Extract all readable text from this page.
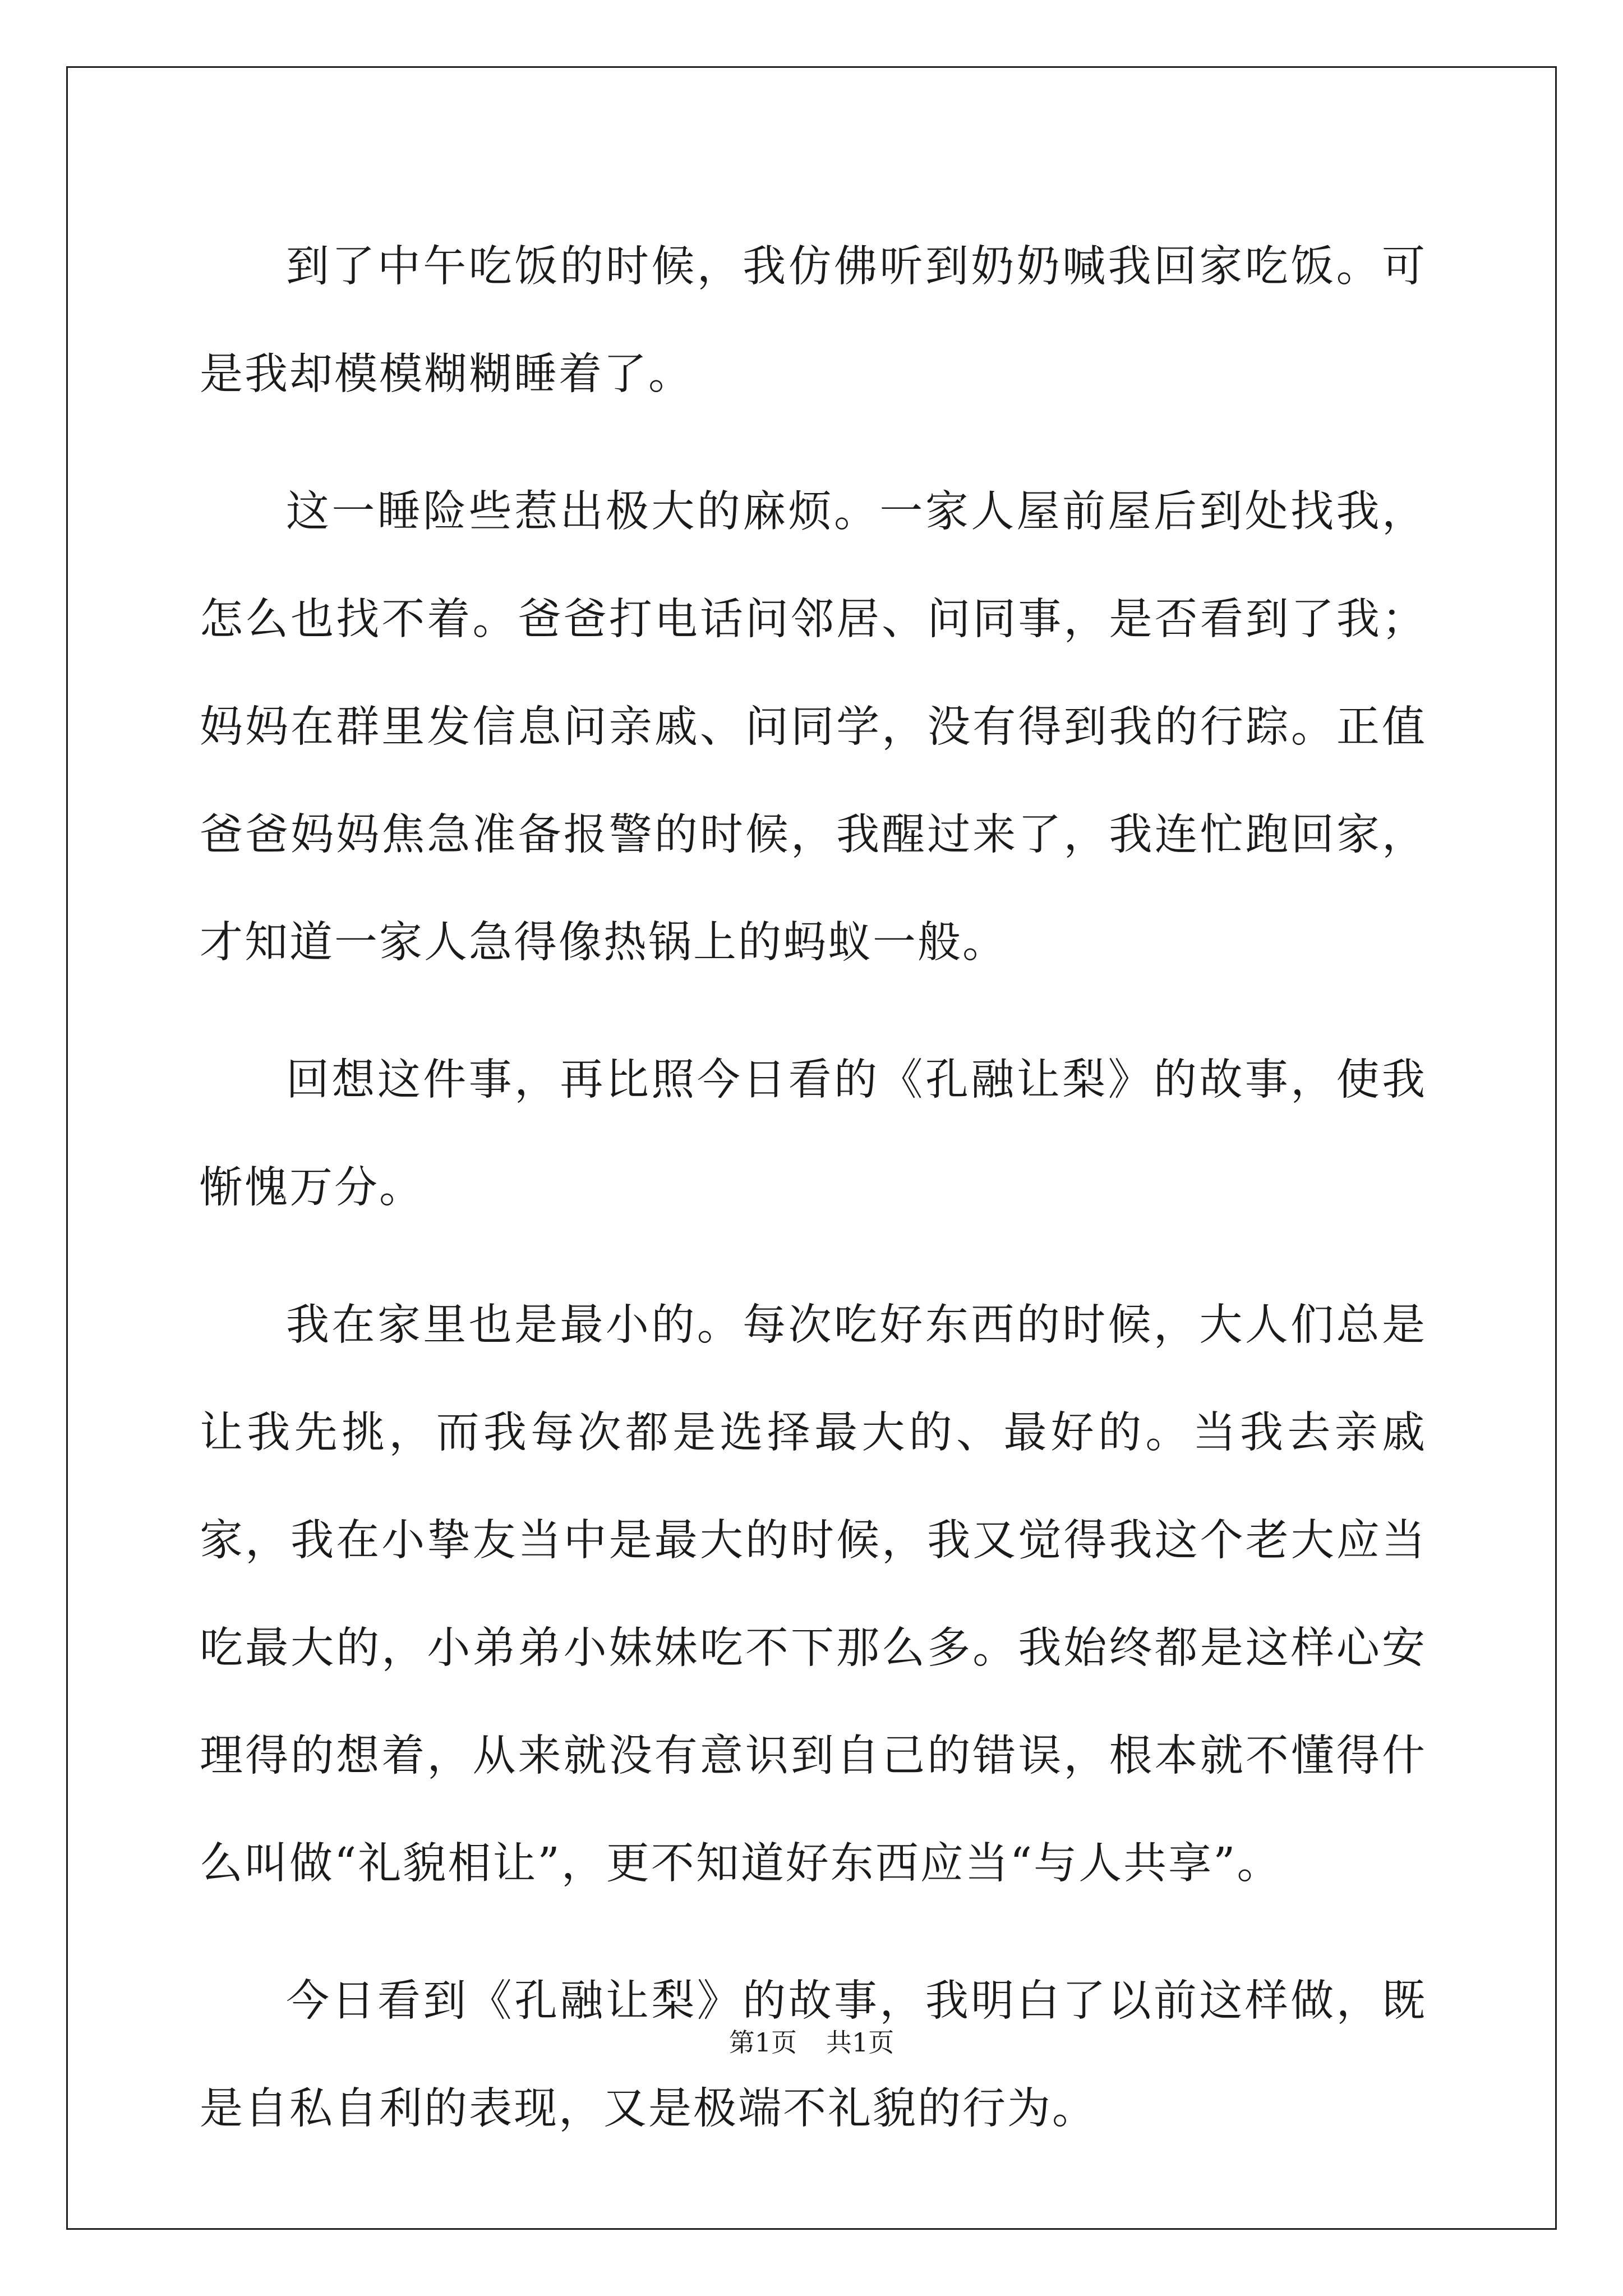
到了中午吃饭的时候，我仿佛听到奶奶喊我回家吃饭。可是我却模模糊糊睡着了。

这一睡险些惹出极大的麻烦。一家人屋前屋后到处找我，怎么也找不着。爸爸打电话问邻居、问同事，是否看到了我；妈妈在群里发信息问亲戚、问同学，没有得到我的行踪。正值爸爸妈妈焦急准备报警的时候，我醒过来了，我连忙跑回家，才知道一家人急得像热锅上的蚂蚁一般。

回想这件事，再比照今日看的《孔融让梨》的故事，使我惭愧万分。

我在家里也是最小的。每次吃好东西的时候，大人们总是让我先挑，而我每次都是选择最大的、最好的。当我去亲戚家，我在小挚友当中是最大的时候，我又觉得我这个老大应当吃最大的，小弟弟小妹妹吃不下那么多。我始终都是这样心安理得的想着，从来就没有意识到自己的错误，根本就不懂得什么叫做“礼貌相让”，更不知道好东西应当“与人共享”。

今日看到《孔融让梨》的故事，我明白了以前这样做，既是自私自利的表现，又是极端不礼貌的行为。

第1页 共1页
